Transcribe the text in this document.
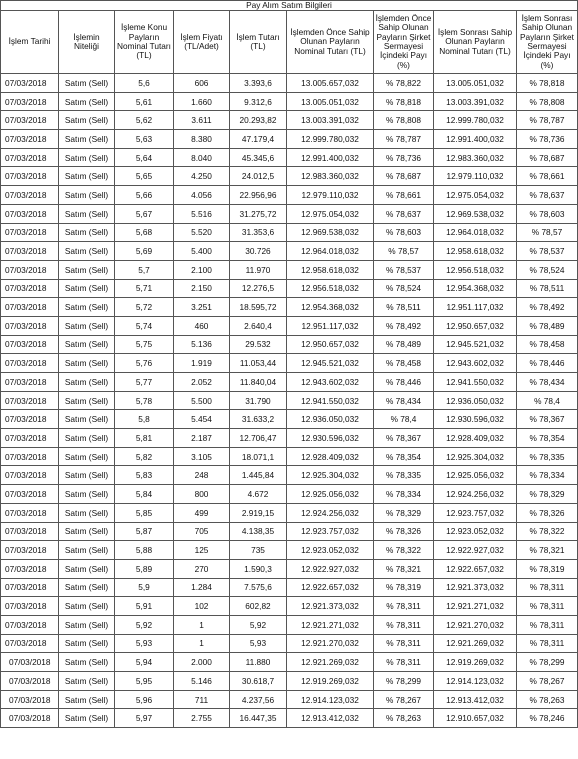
Pay Alım Satım Bilgileri								
İşlem Tarihi	İşlemin Niteliği	İşleme Konu Payların Nominal Tutarı (TL)	İşlem Fiyatı (TL/Adet)	İşlem Tutarı (TL)	İşlemden Önce Sahip Olunan Payların Nominal Tutarı (TL)	İşlemden Önce Sahip Olunan Payların Şirket Sermayesi İçindeki Payı (%)	İşlem Sonrası Sahip Olunan Payların Nominal Tutarı (TL)	İşlem Sonrası Sahip Olunan Payların Şirket Sermayesi İçindeki Payı (%)
07/03/2018	Satım (Sell)	5,6	606	3.393,6	13.005.657,032	% 78,822	13.005.051,032	% 78,818
07/03/2018	Satım (Sell)	5,61	1.660	9.312,6	13.005.051,032	% 78,818	13.003.391,032	% 78,808
07/03/2018	Satım (Sell)	5,62	3.611	20.293,82	13.003.391,032	% 78,808	12.999.780,032	% 78,787
07/03/2018	Satım (Sell)	5,63	8.380	47.179,4	12.999.780,032	% 78,787	12.991.400,032	% 78,736
07/03/2018	Satım (Sell)	5,64	8.040	45.345,6	12.991.400,032	% 78,736	12.983.360,032	% 78,687
07/03/2018	Satım (Sell)	5,65	4.250	24.012,5	12.983.360,032	% 78,687	12.979.110,032	% 78,661
07/03/2018	Satım (Sell)	5,66	4.056	22.956,96	12.979.110,032	% 78,661	12.975.054,032	% 78,637
07/03/2018	Satım (Sell)	5,67	5.516	31.275,72	12.975.054,032	% 78,637	12.969.538,032	% 78,603
07/03/2018	Satım (Sell)	5,68	5.520	31.353,6	12.969.538,032	% 78,603	12.964.018,032	% 78,57
07/03/2018	Satım (Sell)	5,69	5.400	30.726	12.964.018,032	% 78,57	12.958.618,032	% 78,537
07/03/2018	Satım (Sell)	5,7	2.100	11.970	12.958.618,032	% 78,537	12.956.518,032	% 78,524
07/03/2018	Satım (Sell)	5,71	2.150	12.276,5	12.956.518,032	% 78,524	12.954.368,032	% 78,511
07/03/2018	Satım (Sell)	5,72	3.251	18.595,72	12.954.368,032	% 78,511	12.951.117,032	% 78,492
07/03/2018	Satım (Sell)	5,74	460	2.640,4	12.951.117,032	% 78,492	12.950.657,032	% 78,489
07/03/2018	Satım (Sell)	5,75	5.136	29.532	12.950.657,032	% 78,489	12.945.521,032	% 78,458
07/03/2018	Satım (Sell)	5,76	1.919	11.053,44	12.945.521,032	% 78,458	12.943.602,032	% 78,446
07/03/2018	Satım (Sell)	5,77	2.052	11.840,04	12.943.602,032	% 78,446	12.941.550,032	% 78,434
07/03/2018	Satım (Sell)	5,78	5.500	31.790	12.941.550,032	% 78,434	12.936.050,032	% 78,4
07/03/2018	Satım (Sell)	5,8	5.454	31.633,2	12.936.050,032	% 78,4	12.930.596,032	% 78,367
07/03/2018	Satım (Sell)	5,81	2.187	12.706,47	12.930.596,032	% 78,367	12.928.409,032	% 78,354
07/03/2018	Satım (Sell)	5,82	3.105	18.071,1	12.928.409,032	% 78,354	12.925.304,032	% 78,335
07/03/2018	Satım (Sell)	5,83	248	1.445,84	12.925.304,032	% 78,335	12.925.056,032	% 78,334
07/03/2018	Satım (Sell)	5,84	800	4.672	12.925.056,032	% 78,334	12.924.256,032	% 78,329
07/03/2018	Satım (Sell)	5,85	499	2.919,15	12.924.256,032	% 78,329	12.923.757,032	% 78,326
07/03/2018	Satım (Sell)	5,87	705	4.138,35	12.923.757,032	% 78,326	12.923.052,032	% 78,322
07/03/2018	Satım (Sell)	5,88	125	735	12.923.052,032	% 78,322	12.922.927,032	% 78,321
07/03/2018	Satım (Sell)	5,89	270	1.590,3	12.922.927,032	% 78,321	12.922.657,032	% 78,319
07/03/2018	Satım (Sell)	5,9	1.284	7.575,6	12.922.657,032	% 78,319	12.921.373,032	% 78,311
07/03/2018	Satım (Sell)	5,91	102	602,82	12.921.373,032	% 78,311	12.921.271,032	% 78,311
07/03/2018	Satım (Sell)	5,92	1	5,92	12.921.271,032	% 78,311	12.921.270,032	% 78,311
07/03/2018	Satım (Sell)	5,93	1	5,93	12.921.270,032	% 78,311	12.921.269,032	% 78,311
07/03/2018	Satım (Sell)	5,94	2.000	11.880	12.921.269,032	% 78,311	12.919.269,032	% 78,299
07/03/2018	Satım (Sell)	5,95	5.146	30.618,7	12.919.269,032	% 78,299	12.914.123,032	% 78,267
07/03/2018	Satım (Sell)	5,96	711	4.237,56	12.914.123,032	% 78,267	12.913.412,032	% 78,263
07/03/2018	Satım (Sell)	5,97	2.755	16.447,35	12.913.412,032	% 78,263	12.910.657,032	% 78,246
